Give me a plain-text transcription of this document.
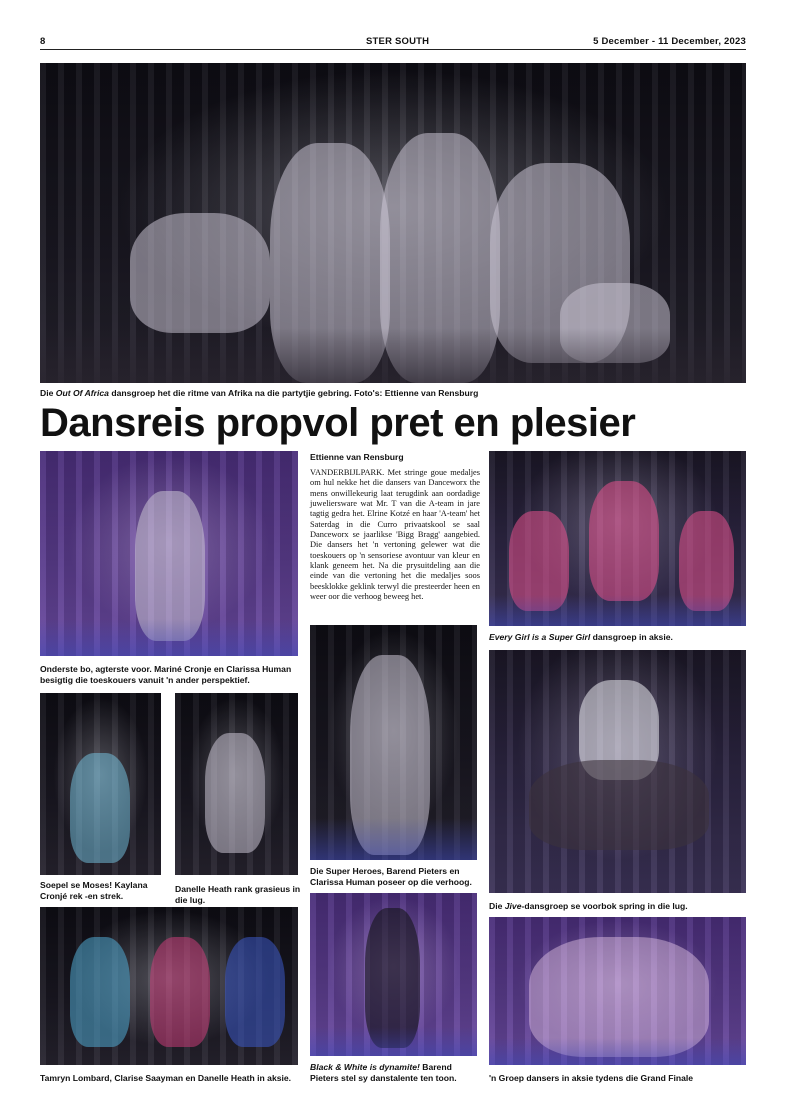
8	STER SOUTH	5 December - 11 December, 2023
Die Out Of Africa dansgroep het die ritme van Afrika na die partytjie gebring. Foto's: Ettienne van Rensburg
Dansreis propvol pret en plesier
Onderste bo, agterste voor. Mariné Cronje en Clarissa Human besigtig die toeskouers vanuit 'n ander perspektief.
Ettienne van Rensburg
VANDERBIJLPARK. Met stringe goue medaljes om hul nekke het die dansers van Danceworx the mens onwillekeurig laat terugdink aan oordadige juweliersware wat Mr. T van die A-team in jare tagtig gedra het. Elrine Kotzé en haar 'A-team' het Saterdag in die Curro privaatskool se saal Danceworx se jaarlikse 'Bigg Bragg' aangebied. Die dansers het 'n vertoning gelewer wat die toeskouers op 'n sensoriese avontuur van kleur en klank geneem het. Na die prysuitdeling aan die einde van die vertoning het die medaljes soos beesklokke geklink terwyl die presteerder heen en weer oor die verhoog beweeg het.
Die Super Heroes, Barend Pieters en Clarissa Human poseer op die verhoog.
Every Girl is a Super Girl dansgroep in aksie.
Die Jive-dansgroep se voorbok spring in die lug.
Soepel se Moses! Kaylana Cronjé rek -en strek.
Danelle Heath rank grasieus in die lug.
Tamryn Lombard, Clarise Saayman en Danelle Heath in aksie.
Black & White is dynamite! Barend Pieters stel sy danstalente ten toon.	'n Groep dansers in aksie tydens die Grand Finale
